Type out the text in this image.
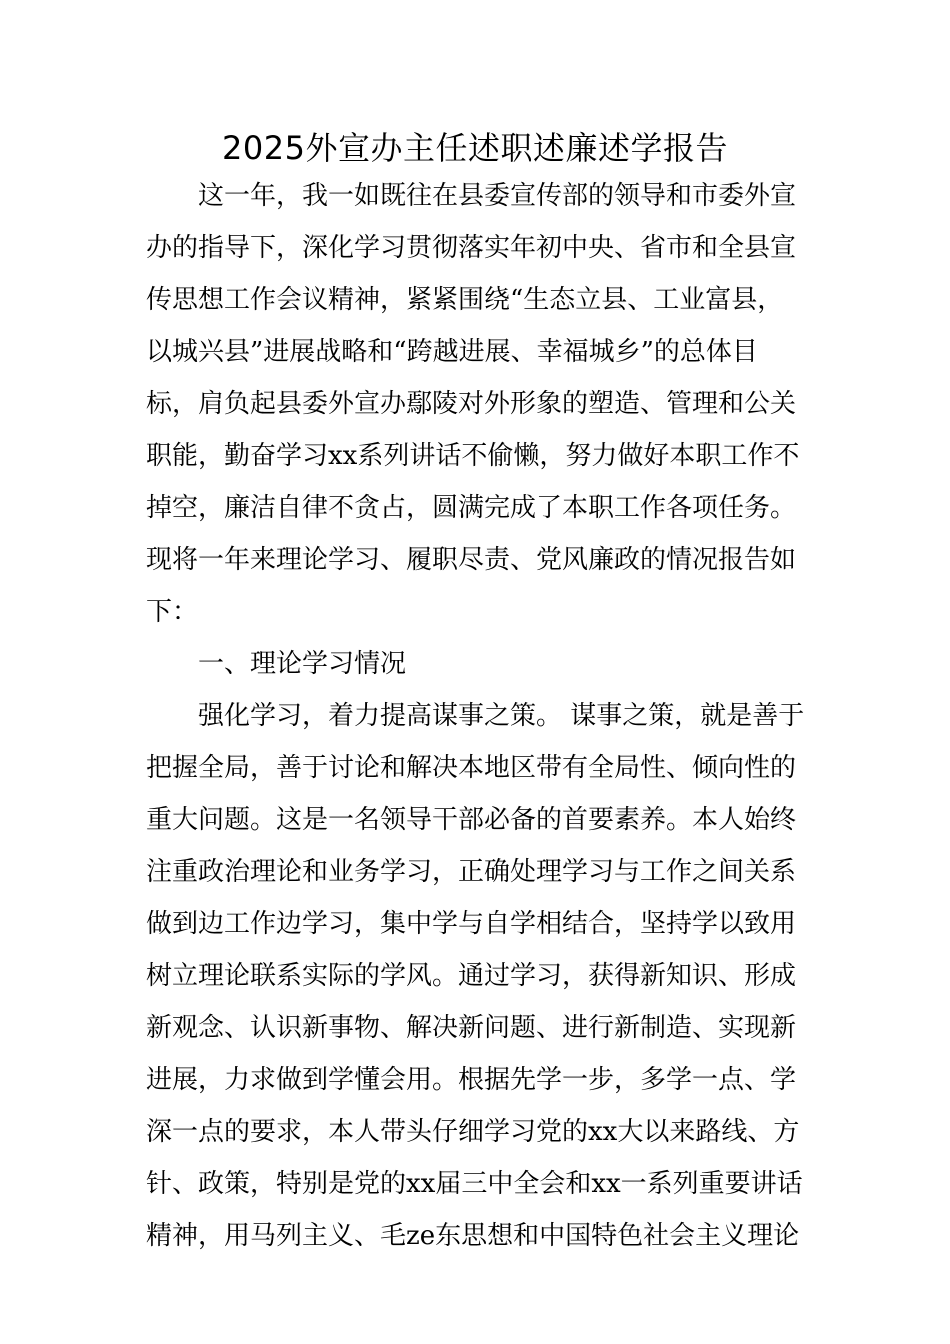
2025外宣办主任述职述廉述学报告
这一年，我一如既往在县委宣传部的领导和市委外宣
办的指导下，深化学习贯彻落实年初中央、省市和全县宣
传思想工作会议精神，紧紧围绕“生态立县、工业富县，
以城兴县”进展战略和“跨越进展、幸福城乡”的总体目
标，肩负起县委外宣办鄢陵对外形象的塑造、管理和公关
职能，勤奋学习xx系列讲话不偷懒，努力做好本职工作不
掉空，廉洁自律不贪占，圆满完成了本职工作各项任务。
现将一年来理论学习、履职尽责、党风廉政的情况报告如
下：
一、理论学习情况
强化学习，着力提高谋事之策。 谋事之策，就是善于
把握全局，善于讨论和解决本地区带有全局性、倾向性的
重大问题。这是一名领导干部必备的首要素养。本人始终
注重政治理论和业务学习，正确处理学习与工作之间关系
做到边工作边学习，集中学与自学相结合，坚持学以致用
树立理论联系实际的学风。通过学习，获得新知识、形成
新观念、认识新事物、解决新问题、进行新制造、实现新
进展，力求做到学懂会用。根据先学一步，多学一点、学
深一点的要求，本人带头仔细学习党的xx大以来路线、方
针、政策，特别是党的xx届三中全会和xx一系列重要讲话
精神，用马列主义、毛ze东思想和中国特色社会主义理论
